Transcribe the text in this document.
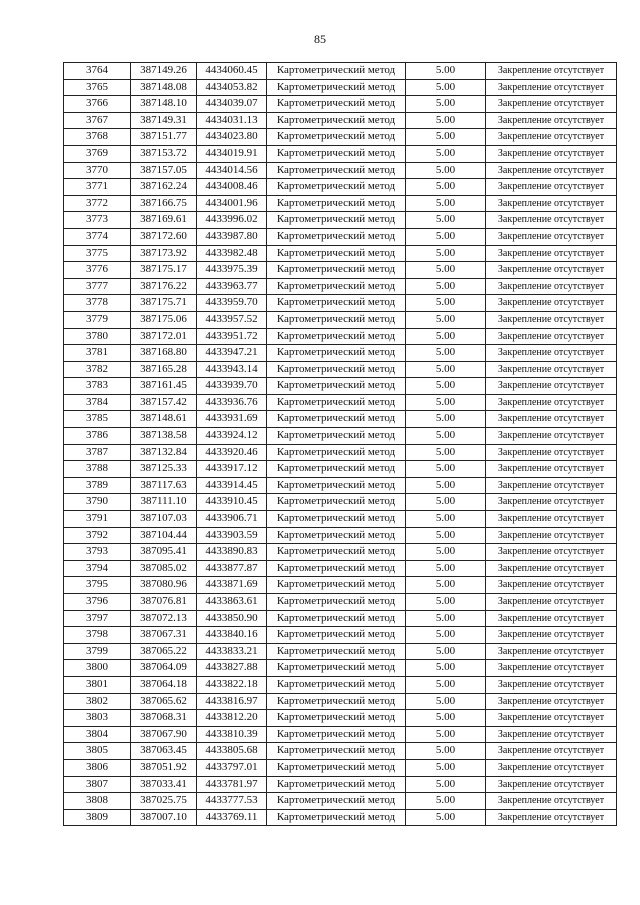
85
3764	387149.26	4434060.45	Картометрический метод	5.00	Закрепление отсутствует
3765	387148.08	4434053.82	Картометрический метод	5.00	Закрепление отсутствует
3766	387148.10	4434039.07	Картометрический метод	5.00	Закрепление отсутствует
3767	387149.31	4434031.13	Картометрический метод	5.00	Закрепление отсутствует
3768	387151.77	4434023.80	Картометрический метод	5.00	Закрепление отсутствует
3769	387153.72	4434019.91	Картометрический метод	5.00	Закрепление отсутствует
3770	387157.05	4434014.56	Картометрический метод	5.00	Закрепление отсутствует
3771	387162.24	4434008.46	Картометрический метод	5.00	Закрепление отсутствует
3772	387166.75	4434001.96	Картометрический метод	5.00	Закрепление отсутствует
3773	387169.61	4433996.02	Картометрический метод	5.00	Закрепление отсутствует
3774	387172.60	4433987.80	Картометрический метод	5.00	Закрепление отсутствует
3775	387173.92	4433982.48	Картометрический метод	5.00	Закрепление отсутствует
3776	387175.17	4433975.39	Картометрический метод	5.00	Закрепление отсутствует
3777	387176.22	4433963.77	Картометрический метод	5.00	Закрепление отсутствует
3778	387175.71	4433959.70	Картометрический метод	5.00	Закрепление отсутствует
3779	387175.06	4433957.52	Картометрический метод	5.00	Закрепление отсутствует
3780	387172.01	4433951.72	Картометрический метод	5.00	Закрепление отсутствует
3781	387168.80	4433947.21	Картометрический метод	5.00	Закрепление отсутствует
3782	387165.28	4433943.14	Картометрический метод	5.00	Закрепление отсутствует
3783	387161.45	4433939.70	Картометрический метод	5.00	Закрепление отсутствует
3784	387157.42	4433936.76	Картометрический метод	5.00	Закрепление отсутствует
3785	387148.61	4433931.69	Картометрический метод	5.00	Закрепление отсутствует
3786	387138.58	4433924.12	Картометрический метод	5.00	Закрепление отсутствует
3787	387132.84	4433920.46	Картометрический метод	5.00	Закрепление отсутствует
3788	387125.33	4433917.12	Картометрический метод	5.00	Закрепление отсутствует
3789	387117.63	4433914.45	Картометрический метод	5.00	Закрепление отсутствует
3790	387111.10	4433910.45	Картометрический метод	5.00	Закрепление отсутствует
3791	387107.03	4433906.71	Картометрический метод	5.00	Закрепление отсутствует
3792	387104.44	4433903.59	Картометрический метод	5.00	Закрепление отсутствует
3793	387095.41	4433890.83	Картометрический метод	5.00	Закрепление отсутствует
3794	387085.02	4433877.87	Картометрический метод	5.00	Закрепление отсутствует
3795	387080.96	4433871.69	Картометрический метод	5.00	Закрепление отсутствует
3796	387076.81	4433863.61	Картометрический метод	5.00	Закрепление отсутствует
3797	387072.13	4433850.90	Картометрический метод	5.00	Закрепление отсутствует
3798	387067.31	4433840.16	Картометрический метод	5.00	Закрепление отсутствует
3799	387065.22	4433833.21	Картометрический метод	5.00	Закрепление отсутствует
3800	387064.09	4433827.88	Картометрический метод	5.00	Закрепление отсутствует
3801	387064.18	4433822.18	Картометрический метод	5.00	Закрепление отсутствует
3802	387065.62	4433816.97	Картометрический метод	5.00	Закрепление отсутствует
3803	387068.31	4433812.20	Картометрический метод	5.00	Закрепление отсутствует
3804	387067.90	4433810.39	Картометрический метод	5.00	Закрепление отсутствует
3805	387063.45	4433805.68	Картометрический метод	5.00	Закрепление отсутствует
3806	387051.92	4433797.01	Картометрический метод	5.00	Закрепление отсутствует
3807	387033.41	4433781.97	Картометрический метод	5.00	Закрепление отсутствует
3808	387025.75	4433777.53	Картометрический метод	5.00	Закрепление отсутствует
3809	387007.10	4433769.11	Картометрический метод	5.00	Закрепление отсутствует
